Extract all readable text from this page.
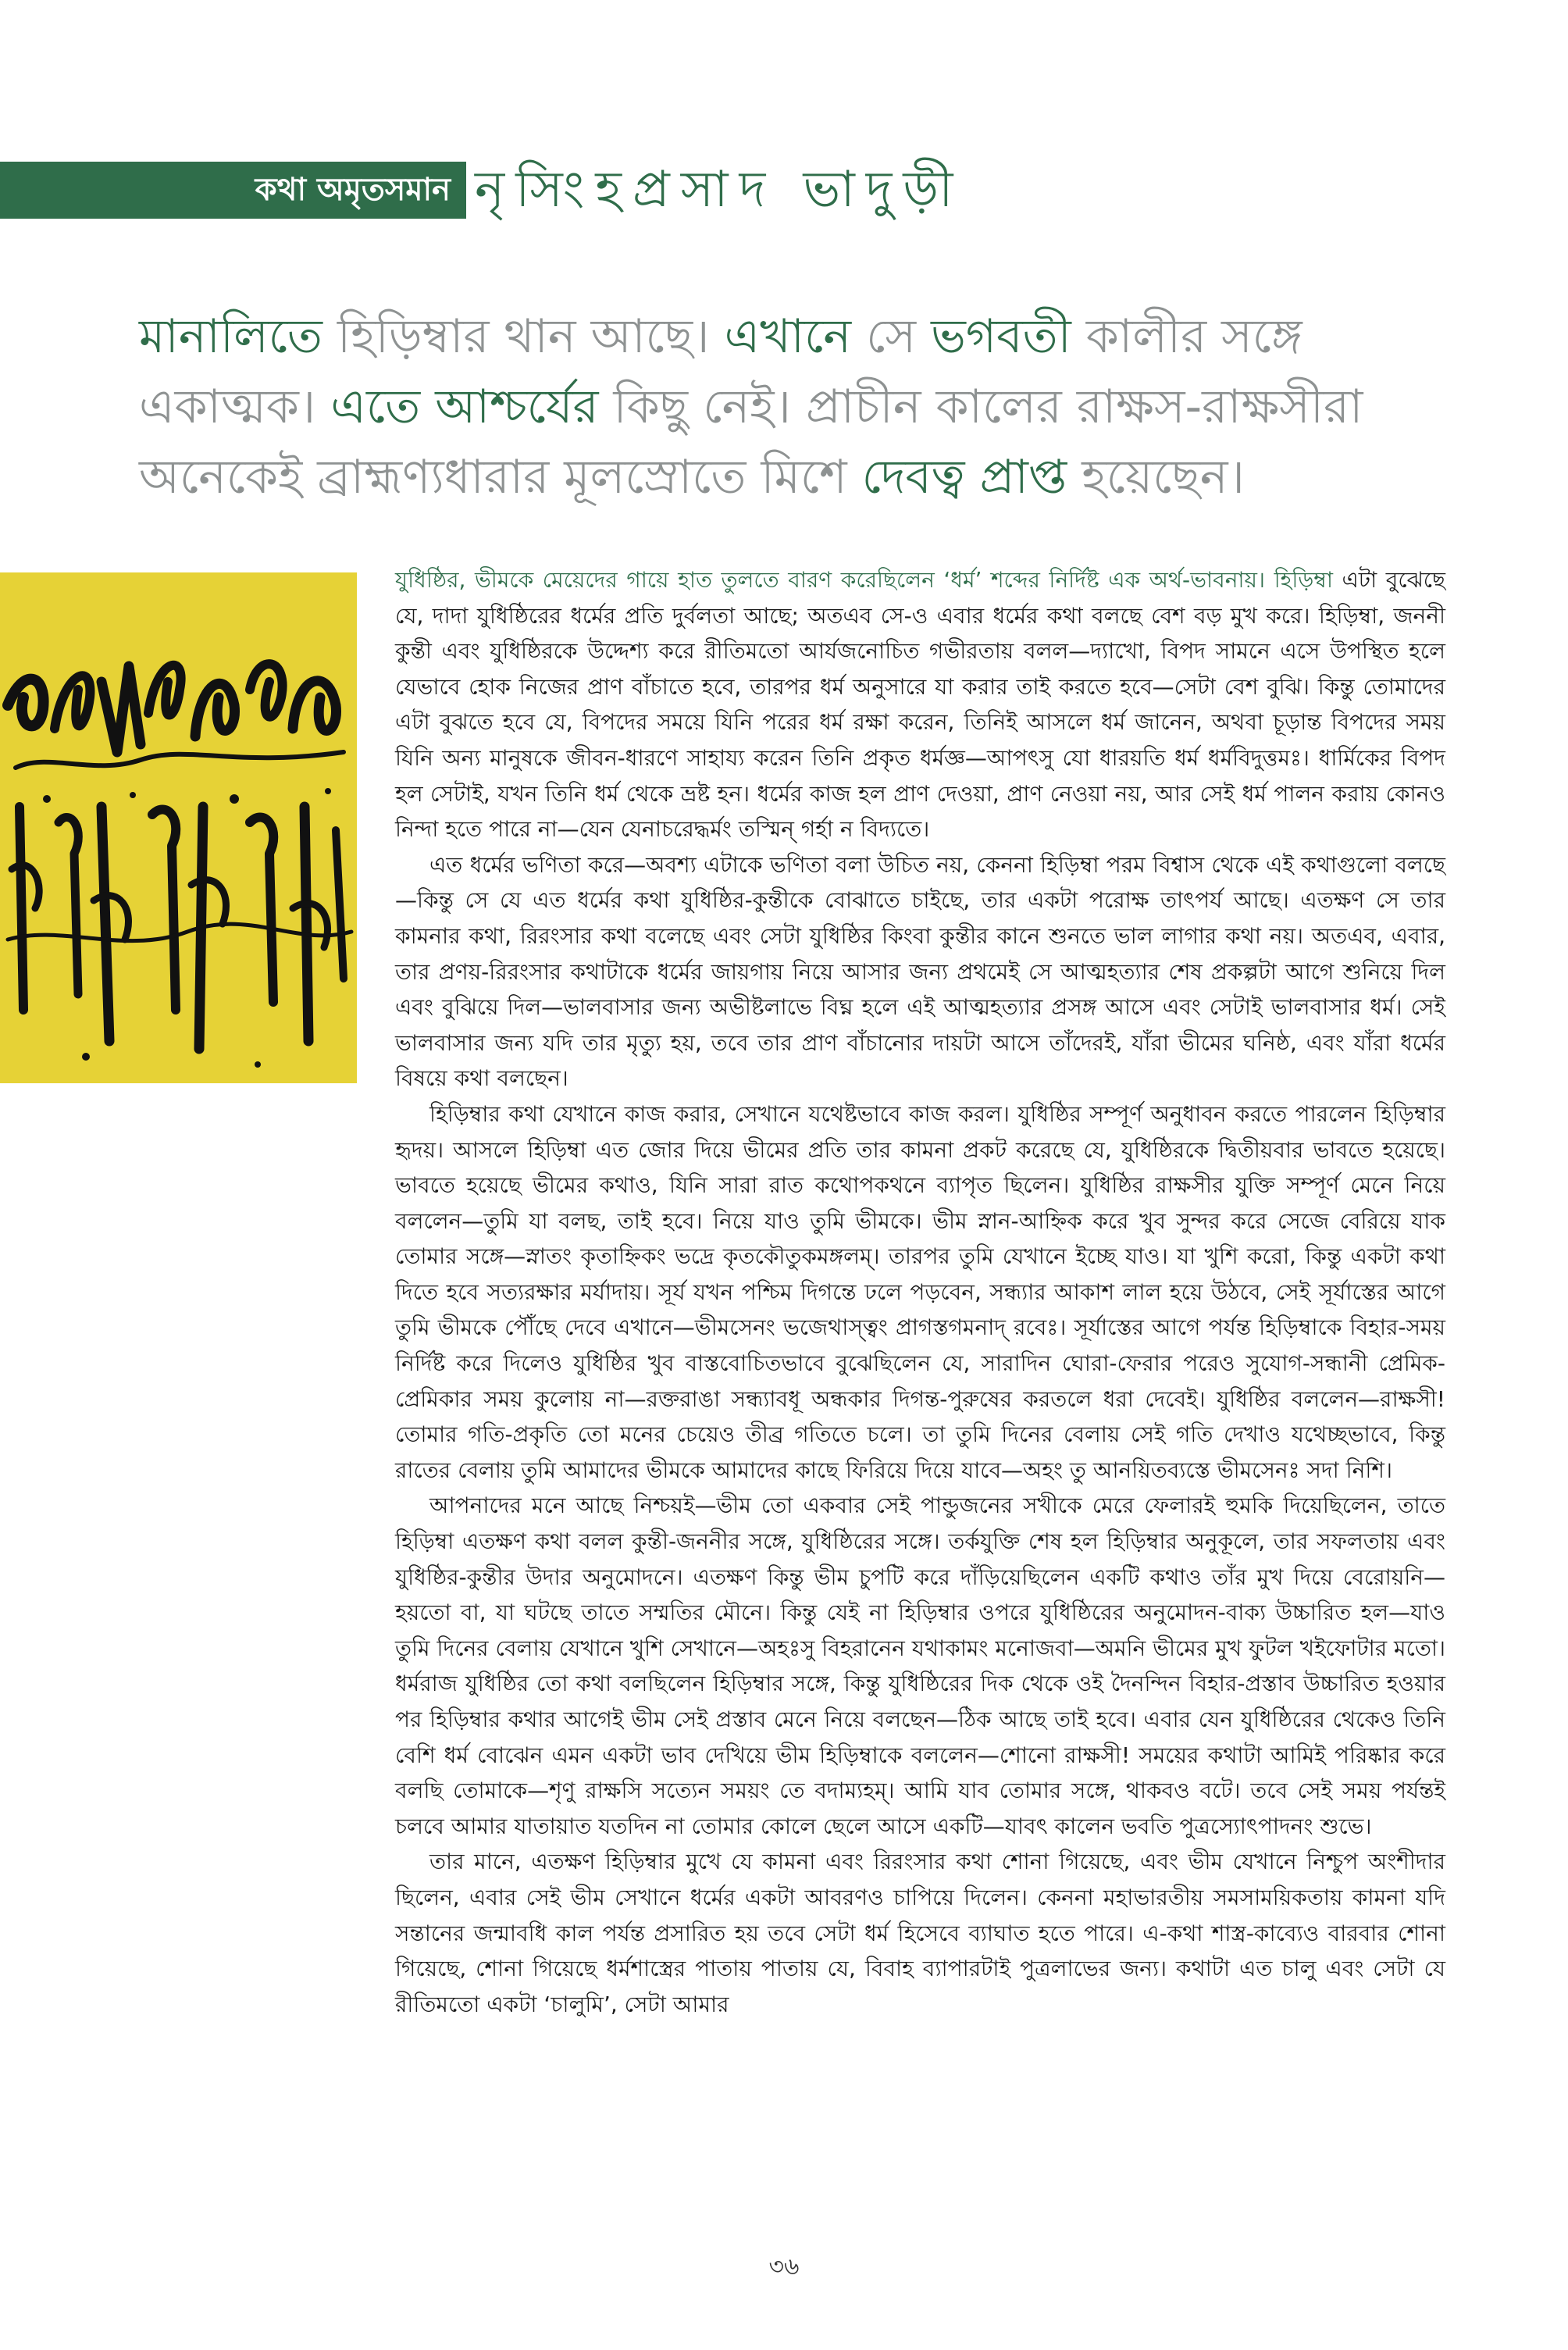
কথা অমৃতসমান নৃসিংহপ্রসাদ ভাদুড়ী
মানালিতে হিড়িম্বার থান আছে। এখানে সে ভগবতী কালীর সঙ্গে একাত্মক। এতে আশ্চর্যের কিছু নেই। প্রাচীন কালের রাক্ষস-রাক্ষসীরা অনেকেই ব্রাহ্মণ্যধারার মূলস্রোতে মিশে দেবত্ব প্রাপ্ত হয়েছেন।

যুধিষ্ঠির, ভীমকে মেয়েদের গায়ে হাত তুলতে বারণ করেছিলেন ‘ধর্ম’ শব্দের নির্দিষ্ট এক অর্থ-ভাবনায়। হিড়িম্বা এটা বুঝেছে যে, দাদা যুধিষ্ঠিরের ধর্মের প্রতি দুর্বলতা আছে; অতএব সে-ও এবার ধর্মের কথা বলছে বেশ বড় মুখ করে। হিড়িম্বা, জননী কুন্তী এবং যুধিষ্ঠিরকে উদ্দেশ্য করে রীতিমতো আর্যজনোচিত গভীরতায় বলল—দ্যাখো, বিপদ সামনে এসে উপস্থিত হলে যেভাবে হোক নিজের প্রাণ বাঁচাতে হবে, তারপর ধর্ম অনুসারে যা করার তাই করতে হবে—সেটা বেশ বুঝি। কিন্তু তোমাদের এটা বুঝতে হবে যে, বিপদের সময়ে যিনি পরের ধর্ম রক্ষা করেন, তিনিই আসলে ধর্ম জানেন, অথবা চূড়ান্ত বিপদের সময় যিনি অন্য মানুষকে জীবন-ধারণে সাহায্য করেন তিনি প্রকৃত ধর্মজ্ঞ—আপৎসু যো ধারয়তি ধর্ম ধর্মবিদুত্তমঃ। ধার্মিকের বিপদ হল সেটাই, যখন তিনি ধর্ম থেকে ভ্রষ্ট হন। ধর্মের কাজ হল প্রাণ দেওয়া, প্রাণ নেওয়া নয়, আর সেই ধর্ম পালন করায় কোনও নিন্দা হতে পারে না—যেন যেনাচরেদ্ধর্মং তস্মিন্ গর্হা ন বিদ্যতে।

এত ধর্মের ভণিতা করে—অবশ্য এটাকে ভণিতা বলা উচিত নয়, কেননা হিড়িম্বা পরম বিশ্বাস থেকে এই কথাগুলো বলছে—কিন্তু সে যে এত ধর্মের কথা যুধিষ্ঠির-কুন্তীকে বোঝাতে চাইছে, তার একটা পরোক্ষ তাৎপর্য আছে। এতক্ষণ সে তার কামনার কথা, রিরংসার কথা বলেছে এবং সেটা যুধিষ্ঠির কিংবা কুন্তীর কানে শুনতে ভাল লাগার কথা নয়। অতএব, এবার, তার প্রণয়-রিরংসার কথাটাকে ধর্মের জায়গায় নিয়ে আসার জন্য প্রথমেই সে আত্মহত্যার শেষ প্রকল্পটা আগে শুনিয়ে দিল এবং বুঝিয়ে দিল—ভালবাসার জন্য অভীষ্টলাভে বিঘ্ন হলে এই আত্মহত্যার প্রসঙ্গ আসে এবং সেটাই ভালবাসার ধর্ম। সেই ভালবাসার জন্য যদি তার মৃত্যু হয়, তবে তার প্রাণ বাঁচানোর দায়টা আসে তাঁদেরই, যাঁরা ভীমের ঘনিষ্ঠ, এবং যাঁরা ধর্মের বিষয়ে কথা বলছেন।

হিড়িম্বার কথা যেখানে কাজ করার, সেখানে যথেষ্টভাবে কাজ করল। যুধিষ্ঠির সম্পূর্ণ অনুধাবন করতে পারলেন হিড়িম্বার হৃদয়। আসলে হিড়িম্বা এত জোর দিয়ে ভীমের প্রতি তার কামনা প্রকট করেছে যে, যুধিষ্ঠিরকে দ্বিতীয়বার ভাবতে হয়েছে। ভাবতে হয়েছে ভীমের কথাও, যিনি সারা রাত কথোপকথনে ব্যাপৃত ছিলেন। যুধিষ্ঠির রাক্ষসীর যুক্তি সম্পূর্ণ মেনে নিয়ে বললেন—তুমি যা বলছ, তাই হবে। নিয়ে যাও তুমি ভীমকে। ভীম স্নান-আহ্নিক করে খুব সুন্দর করে সেজে বেরিয়ে যাক তোমার সঙ্গে—স্নাতং কৃতাহ্নিকং ভদ্রে কৃতকৌতুকমঙ্গলম্। তারপর তুমি যেখানে ইচ্ছে যাও। যা খুশি করো, কিন্তু একটা কথা দিতে হবে সত্যরক্ষার মর্যাদায়। সূর্য যখন পশ্চিম দিগন্তে ঢলে পড়বেন, সন্ধ্যার আকাশ লাল হয়ে উঠবে, সেই সূর্যাস্তের আগে তুমি ভীমকে পৌঁছে দেবে এখানে—ভীমসেনং ভজেথাস্ত্বং প্রাগস্তগমনাদ্ রবেঃ। সূর্যাস্তের আগে পর্যন্ত হিড়িম্বাকে বিহার-সময় নির্দিষ্ট করে দিলেও যুধিষ্ঠির খুব বাস্তবোচিতভাবে বুঝেছিলেন যে, সারাদিন ঘোরা-ফেরার পরেও সুযোগ-সন্ধানী প্রেমিক-প্রেমিকার সময় কুলোয় না—রক্তরাঙা সন্ধ্যাবধূ অন্ধকার দিগন্ত-পুরুষের করতলে ধরা দেবেই। যুধিষ্ঠির বললেন—রাক্ষসী! তোমার গতি-প্রকৃতি তো মনের চেয়েও তীব্র গতিতে চলে। তা তুমি দিনের বেলায় সেই গতি দেখাও যথেচ্ছভাবে, কিন্তু রাতের বেলায় তুমি আমাদের ভীমকে আমাদের কাছে ফিরিয়ে দিয়ে যাবে—অহং তু আনয়িতব্যস্তে ভীমসেনঃ সদা নিশি।

আপনাদের মনে আছে নিশ্চয়ই—ভীম তো একবার সেই পান্ডুজনের সখীকে মেরে ফেলারই হুমকি দিয়েছিলেন, তাতে হিড়িম্বা এতক্ষণ কথা বলল কুন্তী-জননীর সঙ্গে, যুধিষ্ঠিরের সঙ্গে। তর্কযুক্তি শেষ হল হিড়িম্বার অনুকূলে, তার সফলতায় এবং যুধিষ্ঠির-কুন্তীর উদার অনুমোদনে। এতক্ষণ কিন্তু ভীম চুপটি করে দাঁড়িয়েছিলেন একটি কথাও তাঁর মুখ দিয়ে বেরোয়নি—হয়তো বা, যা ঘটছে তাতে সম্মতির মৌনে। কিন্তু যেই না হিড়িম্বার ওপরে যুধিষ্ঠিরের অনুমোদন-বাক্য উচ্চারিত হল—যাও তুমি দিনের বেলায় যেখানে খুশি সেখানে—অহঃসু বিহরানেন যথাকামং মনোজবা—অমনি ভীমের মুখ ফুটল খইফোটার মতো। ধর্মরাজ যুধিষ্ঠির তো কথা বলছিলেন হিড়িম্বার সঙ্গে, কিন্তু যুধিষ্ঠিরের দিক থেকে ওই দৈনন্দিন বিহার-প্রস্তাব উচ্চারিত হওয়ার পর হিড়িম্বার কথার আগেই ভীম সেই প্রস্তাব মেনে নিয়ে বলছেন—ঠিক আছে তাই হবে। এবার যেন যুধিষ্ঠিরের থেকেও তিনি বেশি ধর্ম বোঝেন এমন একটা ভাব দেখিয়ে ভীম হিড়িম্বাকে বললেন—শোনো রাক্ষসী! সময়ের কথাটা আমিই পরিষ্কার করে বলছি তোমাকে—শৃণু রাক্ষসি সত্যেন সময়ং তে বদাম্যহম্। আমি যাব তোমার সঙ্গে, থাকবও বটে। তবে সেই সময় পর্যন্তই চলবে আমার যাতায়াত যতদিন না তোমার কোলে ছেলে আসে একটি—যাবৎ কালেন ভবতি পুত্রস্যোৎপাদনং শুভে।

তার মানে, এতক্ষণ হিড়িম্বার মুখে যে কামনা এবং রিরংসার কথা শোনা গিয়েছে, এবং ভীম যেখানে নিশ্চুপ অংশীদার ছিলেন, এবার সেই ভীম সেখানে ধর্মের একটা আবরণও চাপিয়ে দিলেন। কেননা মহাভারতীয় সমসাময়িকতায় কামনা যদি সন্তানের জন্মাবধি কাল পর্যন্ত প্রসারিত হয় তবে সেটা ধর্ম হিসেবে ব্যাঘাত হতে পারে। এ-কথা শাস্ত্র-কাব্যেও বারবার শোনা গিয়েছে, শোনা গিয়েছে ধর্মশাস্ত্রের পাতায় পাতায় যে, বিবাহ ব্যাপারটাই পুত্রলাভের জন্য। কথাটা এত চালু এবং সেটা যে রীতিমতো একটা ‘চালুমি’, সেটা আমার

৩৬
